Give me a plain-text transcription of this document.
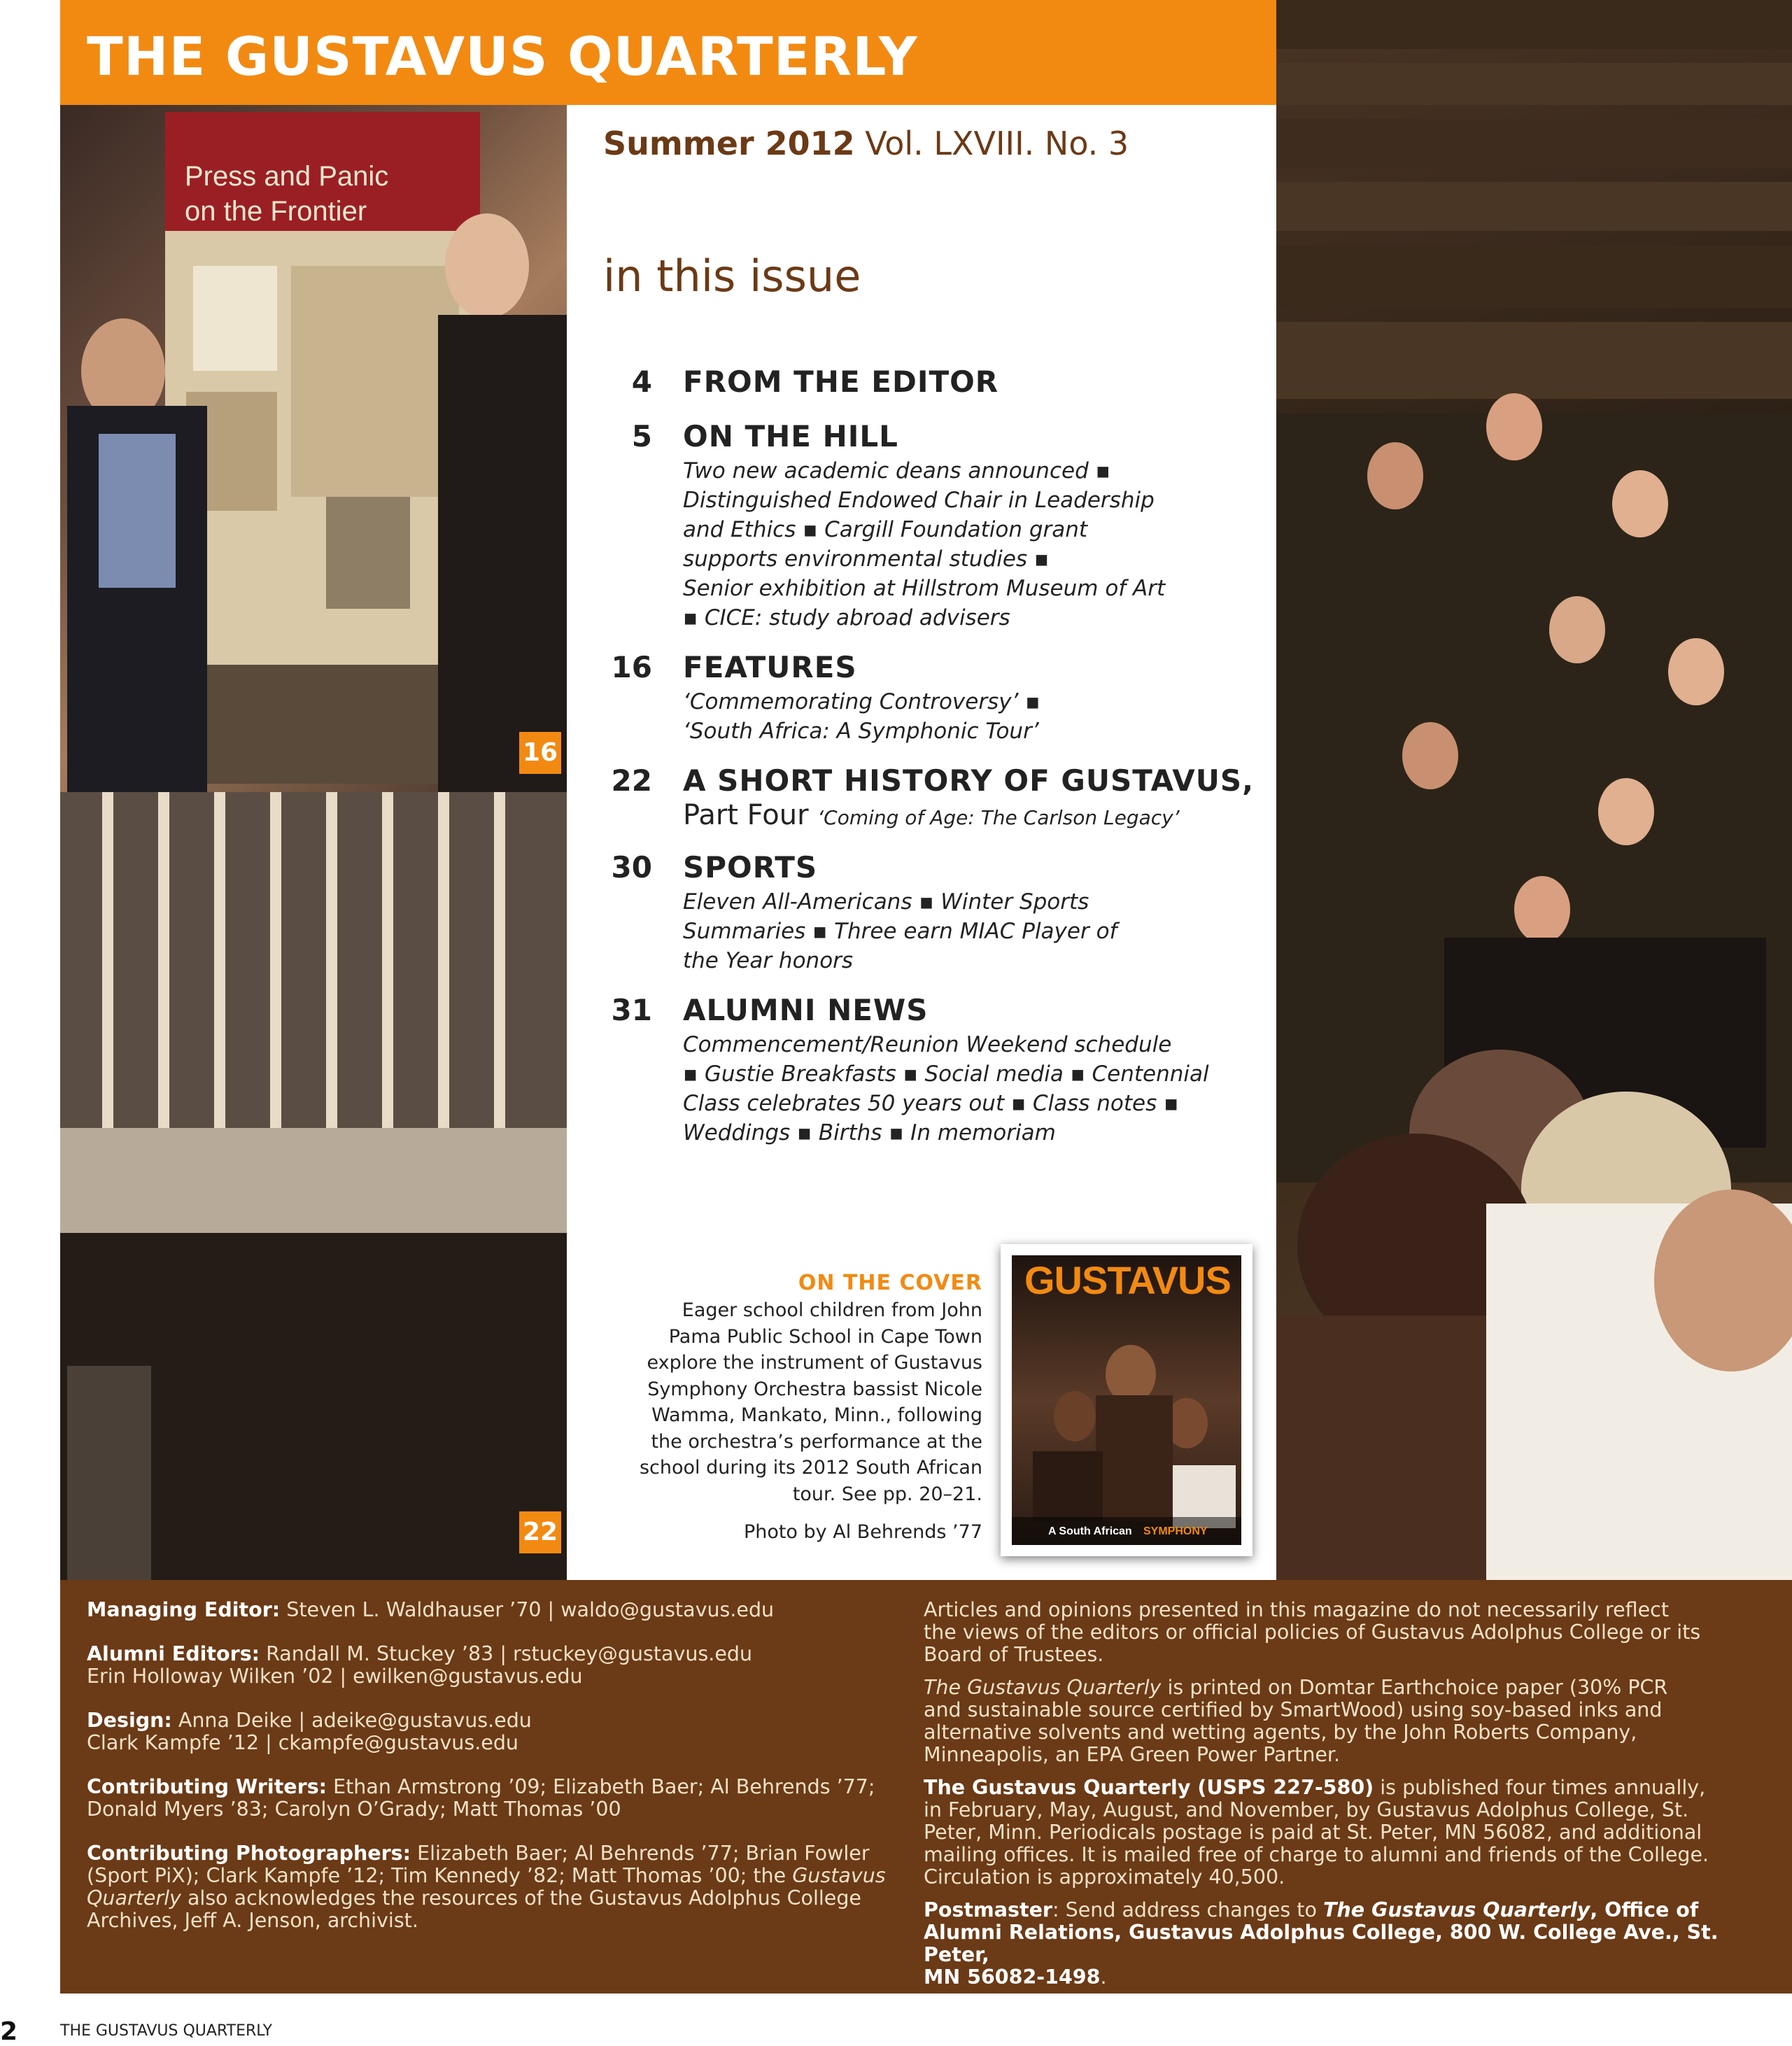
THE GUSTAVUS QUARTERLY
Press and Panic
on the Frontier
16
22
Summer 2012 Vol. LXVIII. No. 3
in this issue
4 FROM THE EDITOR
5 ON THE HILL
Two new academic deans announced ▪
Distinguished Endowed Chair in Leadership
and Ethics ▪ Cargill Foundation grant
supports environmental studies ▪
Senior exhibition at Hillstrom Museum of Art
▪ CICE: study abroad advisers
16 FEATURES
‘Commemorating Controversy’ ▪
‘South Africa: A Symphonic Tour’
22 A SHORT HISTORY OF GUSTAVUS,
Part Four ‘Coming of Age: The Carlson Legacy’
30 SPORTS
Eleven All-Americans ▪ Winter Sports
Summaries ▪ Three earn MIAC Player of
the Year honors
31 ALUMNI NEWS
Commencement/Reunion Weekend schedule
▪ Gustie Breakfasts ▪ Social media ▪ Centennial
Class celebrates 50 years out ▪ Class notes ▪
Weddings ▪ Births ▪ In memoriam
ON THE COVER
Eager school children from John
Pama Public School in Cape Town
explore the instrument of Gustavus
Symphony Orchestra bassist Nicole
Wamma, Mankato, Minn., following
the orchestra’s performance at the
school during its 2012 South African
tour. See pp. 20–21.
Photo by Al Behrends ’77
GUSTAVUS
A South African SYMPHONY

Managing Editor: Steven L. Waldhauser ’70 | waldo@gustavus.edu

Alumni Editors: Randall M. Stuckey ’83 | rstuckey@gustavus.edu
Erin Holloway Wilken ’02 | ewilken@gustavus.edu

Design: Anna Deike | adeike@gustavus.edu
Clark Kampfe ’12 | ckampfe@gustavus.edu

Contributing Writers: Ethan Armstrong ’09; Elizabeth Baer; Al Behrends ’77;
Donald Myers ’83; Carolyn O’Grady; Matt Thomas ’00

Contributing Photographers: Elizabeth Baer; Al Behrends ’77; Brian Fowler
(Sport PiX); Clark Kampfe ’12; Tim Kennedy ’82; Matt Thomas ’00; the Gustavus
Quarterly also acknowledges the resources of the Gustavus Adolphus College
Archives, Jeff A. Jenson, archivist.

Articles and opinions presented in this magazine do not necessarily reflect
the views of the editors or official policies of Gustavus Adolphus College or its
Board of Trustees.

The Gustavus Quarterly is printed on Domtar Earthchoice paper (30% PCR
and sustainable source certified by SmartWood) using soy-based inks and
alternative solvents and wetting agents, by the John Roberts Company,
Minneapolis, an EPA Green Power Partner.

The Gustavus Quarterly (USPS 227-580) is published four times annually,
in February, May, August, and November, by Gustavus Adolphus College, St.
Peter, Minn. Periodicals postage is paid at St. Peter, MN 56082, and additional
mailing offices. It is mailed free of charge to alumni and friends of the College.
Circulation is approximately 40,500.

Postmaster: Send address changes to The Gustavus Quarterly, Office of
Alumni Relations, Gustavus Adolphus College, 800 W. College Ave., St. Peter,
MN 56082-1498.

2	THE GUSTAVUS QUARTERLY
